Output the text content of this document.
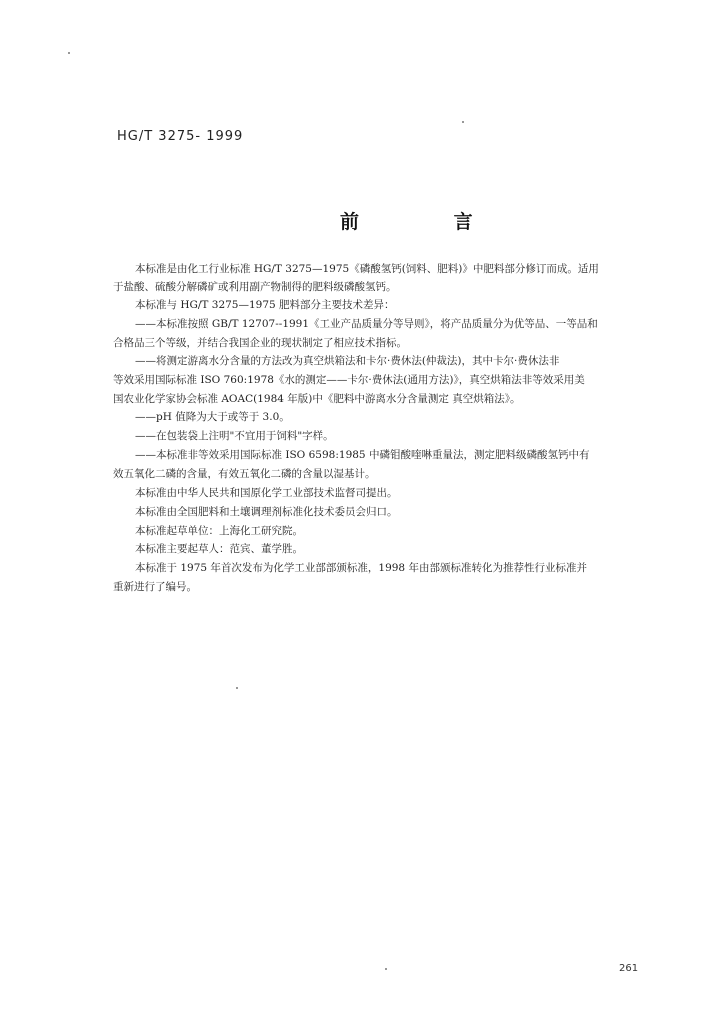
HG/T 3275- 1999
前 言
本标准是由化工行业标准 HG/T 3275—1975《磷酸氢钙(饲料、肥料)》中肥料部分修订而成。适用
于盐酸、硫酸分解磷矿或利用副产物制得的肥料级磷酸氢钙。
本标准与 HG/T 3275—1975 肥料部分主要技术差异：
——本标准按照 GB/T 12707--1991《工业产品质量分等导则》，将产品质量分为优等品、一等品和
合格品三个等级，并结合我国企业的现状制定了相应技术指标。
——将测定游离水分含量的方法改为真空烘箱法和卡尔·费休法(仲裁法)，其中卡尔·费休法非
等效采用国际标准 ISO 760:1978《水的测定——卡尔·费休法(通用方法)》，真空烘箱法非等效采用美
国农业化学家协会标准 AOAC(1984 年版)中《肥料中游离水分含量测定 真空烘箱法》。
——pH 值降为大于或等于 3.0。
——在包装袋上注明"不宜用于饲料"字样。
——本标准非等效采用国际标准 ISO 6598:1985 中磷钼酸喹啉重量法，测定肥料级磷酸氢钙中有
效五氧化二磷的含量，有效五氧化二磷的含量以湿基计。
本标准由中华人民共和国原化学工业部技术监督司提出。
本标准由全国肥料和土壤调理剂标准化技术委员会归口。
本标准起草单位：上海化工研究院。
本标准主要起草人：范宾、董学胜。
本标准于 1975 年首次发布为化学工业部部颁标准，1998 年由部颁标准转化为推荐性行业标准并
重新进行了编号。
261
